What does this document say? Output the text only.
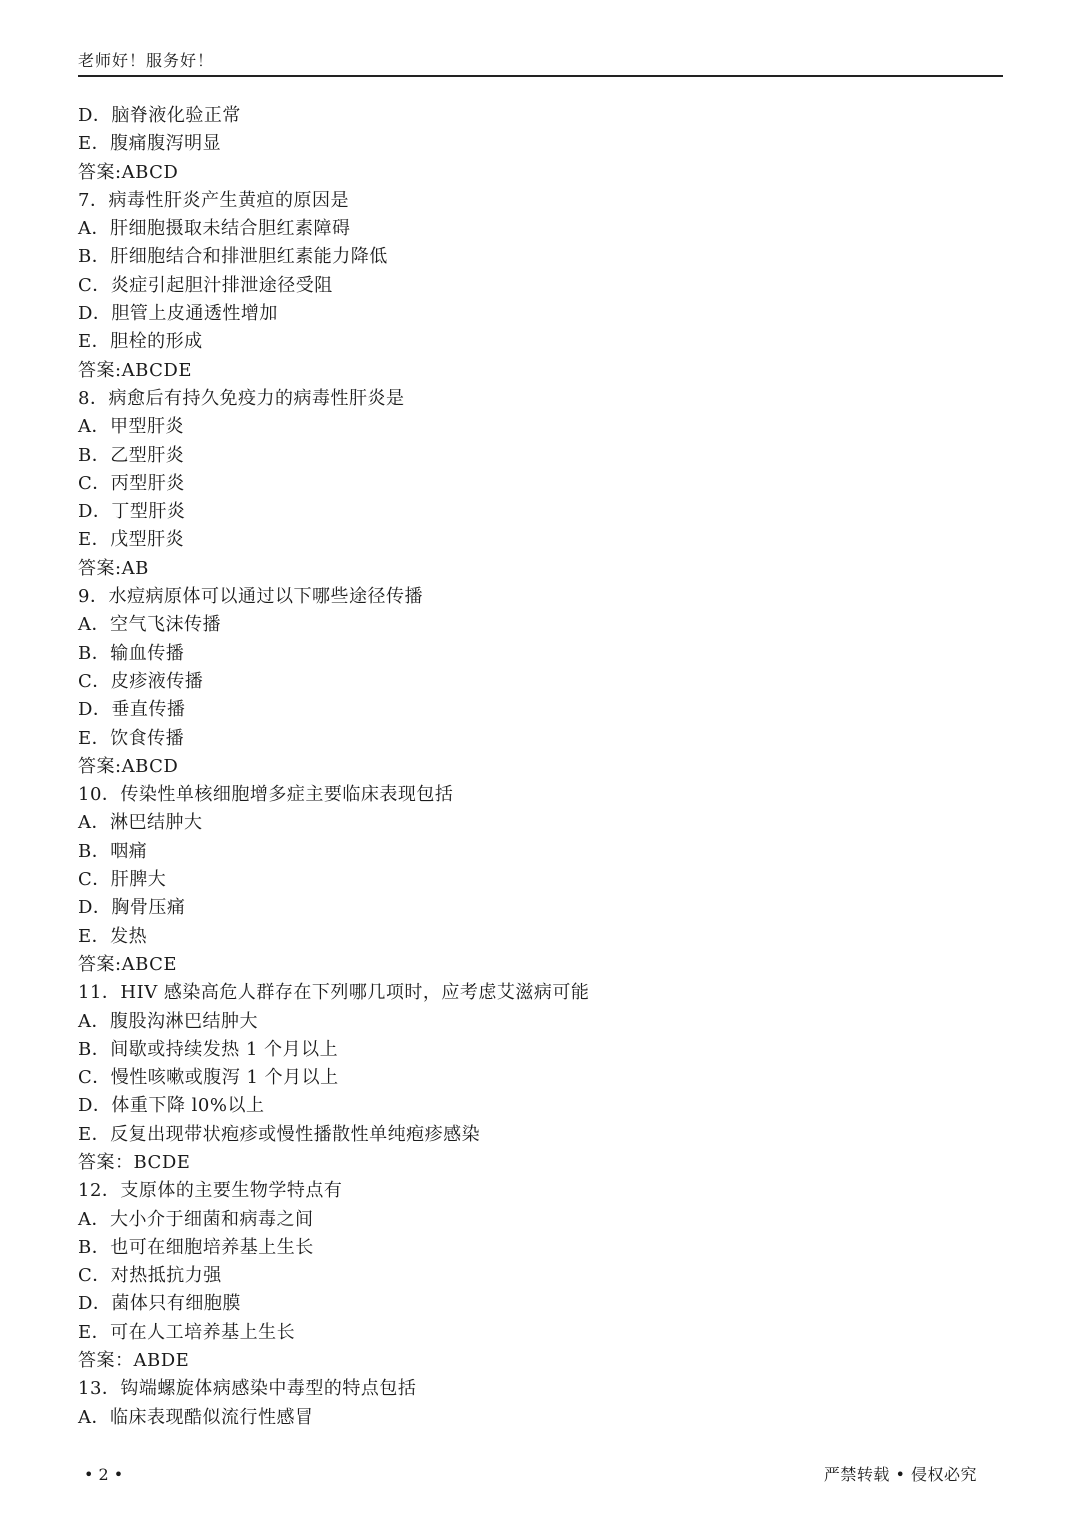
老师好！服务好！
D．脑脊液化验正常
E．腹痛腹泻明显
答案:ABCD
7．病毒性肝炎产生黄疸的原因是
A．肝细胞摄取未结合胆红素障碍
B．肝细胞结合和排泄胆红素能力降低
C．炎症引起胆汁排泄途径受阻
D．胆管上皮通透性增加
E．胆栓的形成
答案:ABCDE
8．病愈后有持久免疫力的病毒性肝炎是
A．甲型肝炎
B．乙型肝炎
C．丙型肝炎
D．丁型肝炎
E．戊型肝炎
答案:AB
9．水痘病原体可以通过以下哪些途径传播
A．空气飞沫传播
B．输血传播
C．皮疹液传播
D．垂直传播
E．饮食传播
答案:ABCD
10．传染性单核细胞增多症主要临床表现包括
A．淋巴结肿大
B．咽痛
C．肝脾大
D．胸骨压痛
E．发热
答案:ABCE
11．HIV 感染高危人群存在下列哪几项时，应考虑艾滋病可能
A．腹股沟淋巴结肿大
B．间歇或持续发热 1 个月以上
C．慢性咳嗽或腹泻 1 个月以上
D．体重下降 l0%以上
E．反复出现带状疱疹或慢性播散性单纯疱疹感染
答案：BCDE
12．支原体的主要生物学特点有
A．大小介于细菌和病毒之间
B．也可在细胞培养基上生长
C．对热抵抗力强
D．菌体只有细胞膜
E．可在人工培养基上生长
答案：ABDE
13．钩端螺旋体病感染中毒型的特点包括
A．临床表现酷似流行性感冒
• 2 •	严禁转载 • 侵权必究
